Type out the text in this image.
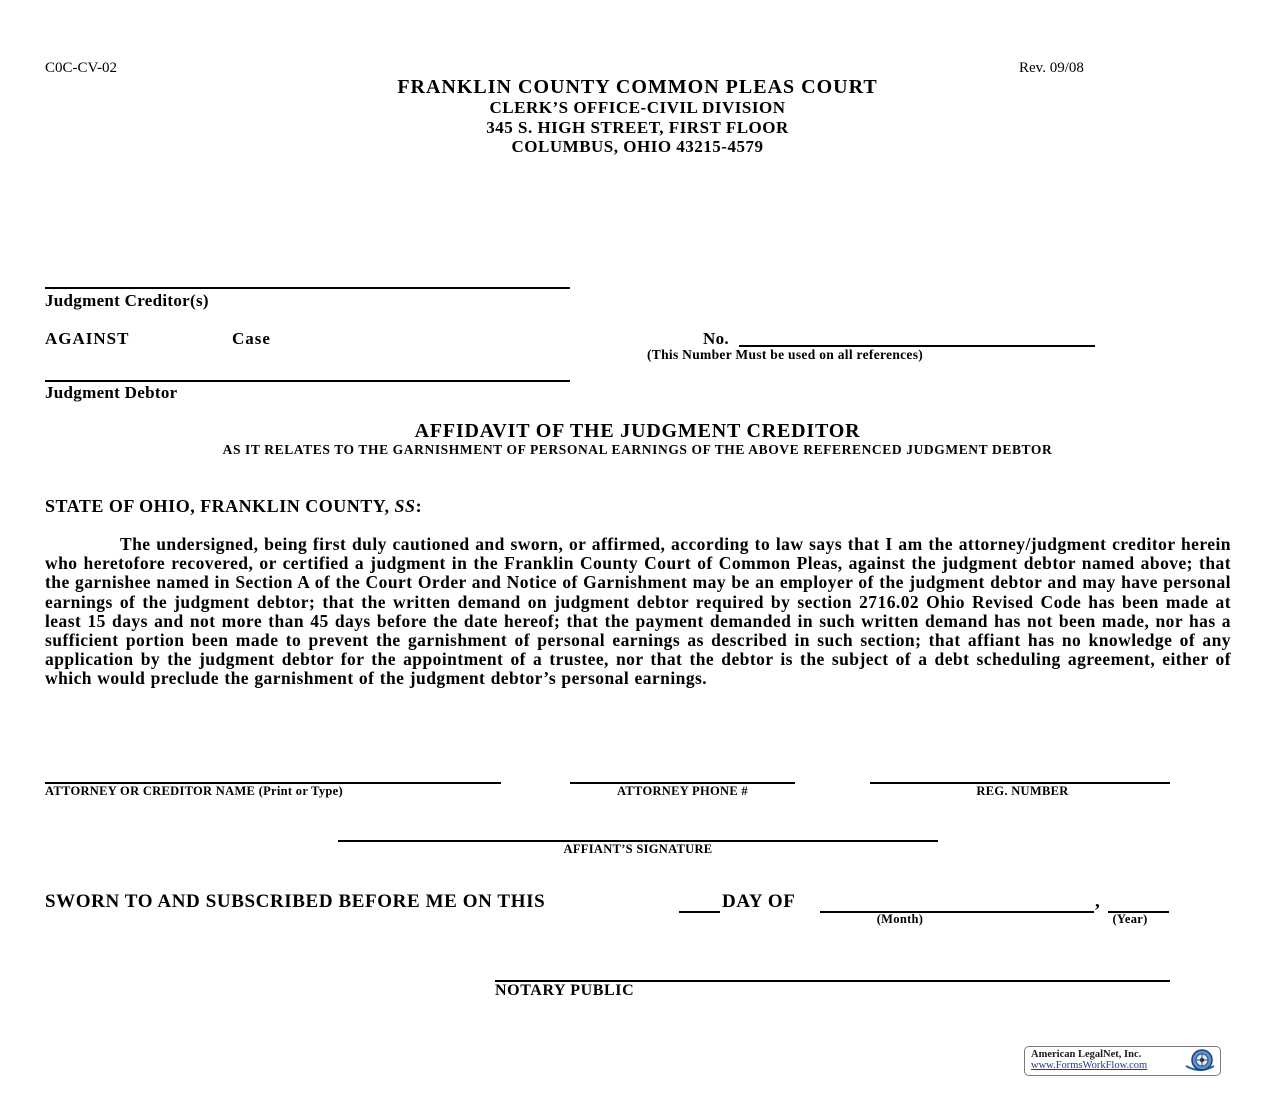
C0C-CV-02	Rev. 09/08
FRANKLIN COUNTY COMMON PLEAS COURT
CLERK’S OFFICE-CIVIL DIVISION
345 S. HIGH STREET, FIRST FLOOR
COLUMBUS, OHIO 43215-4579
Judgment Creditor(s)
AGAINST	Case	No.
(This Number Must be used on all references)
Judgment Debtor
AFFIDAVIT OF THE JUDGMENT CREDITOR
AS IT RELATES TO THE GARNISHMENT OF PERSONAL EARNINGS OF THE ABOVE REFERENCED JUDGMENT DEBTOR
STATE OF OHIO, FRANKLIN COUNTY, SS:
The undersigned, being first duly cautioned and sworn, or affirmed, according to law says that I am the attorney/judgment creditor herein who heretofore recovered, or certified a judgment in the Franklin County Court of Common Pleas, against the judgment debtor named above; that the garnishee named in Section A of the Court Order and Notice of Garnishment may be an employer of the judgment debtor and may have personal earnings of the judgment debtor; that the written demand on judgment debtor required by section 2716.02 Ohio Revised Code has been made at least 15 days and not more than 45 days before the date hereof; that the payment demanded in such written demand has not been made, nor has a sufficient portion been made to prevent the garnishment of personal earnings as described in such section; that affiant has no knowledge of any application by the judgment debtor for the appointment of a trustee, nor that the debtor is the subject of a debt scheduling agreement, either of which would preclude the garnishment of the judgment debtor’s personal earnings.
ATTORNEY OR CREDITOR NAME (Print or Type)	ATTORNEY PHONE #	REG. NUMBER
AFFIANT’S SIGNATURE
SWORN TO AND SUBSCRIBED BEFORE ME ON THIS	DAY OF	,
(Month)	(Year)
NOTARY PUBLIC
American LegalNet, Inc.
www.FormsWorkFlow.com
